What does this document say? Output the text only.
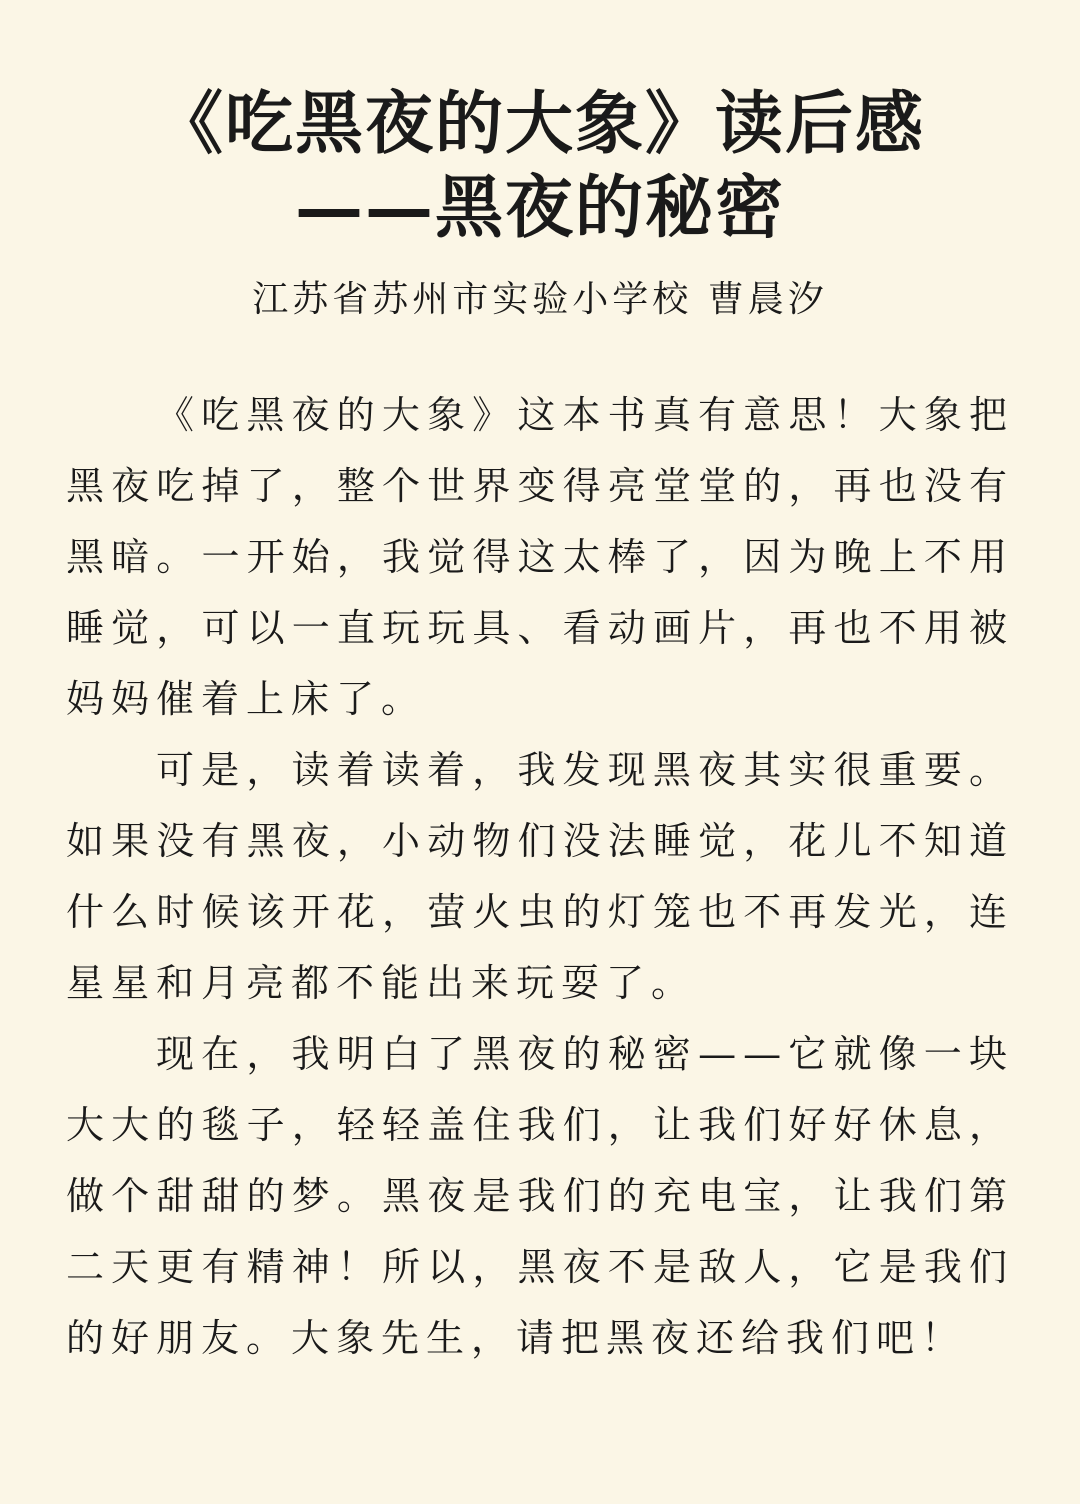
《吃黑夜的大象》读后感
——黑夜的秘密

江苏省苏州市实验小学校 曹晨汐

《吃黑夜的大象》这本书真有意思！大象把黑夜吃掉了，整个世界变得亮堂堂的，再也没有黑暗。一开始，我觉得这太棒了，因为晚上不用睡觉，可以一直玩玩具、看动画片，再也不用被妈妈催着上床了。

可是，读着读着，我发现黑夜其实很重要。如果没有黑夜，小动物们没法睡觉，花儿不知道什么时候该开花，萤火虫的灯笼也不再发光，连星星和月亮都不能出来玩耍了。

现在，我明白了黑夜的秘密——它就像一块大大的毯子，轻轻盖住我们，让我们好好休息，做个甜甜的梦。黑夜是我们的充电宝，让我们第二天更有精神！所以，黑夜不是敌人，它是我们的好朋友。大象先生，请把黑夜还给我们吧！
